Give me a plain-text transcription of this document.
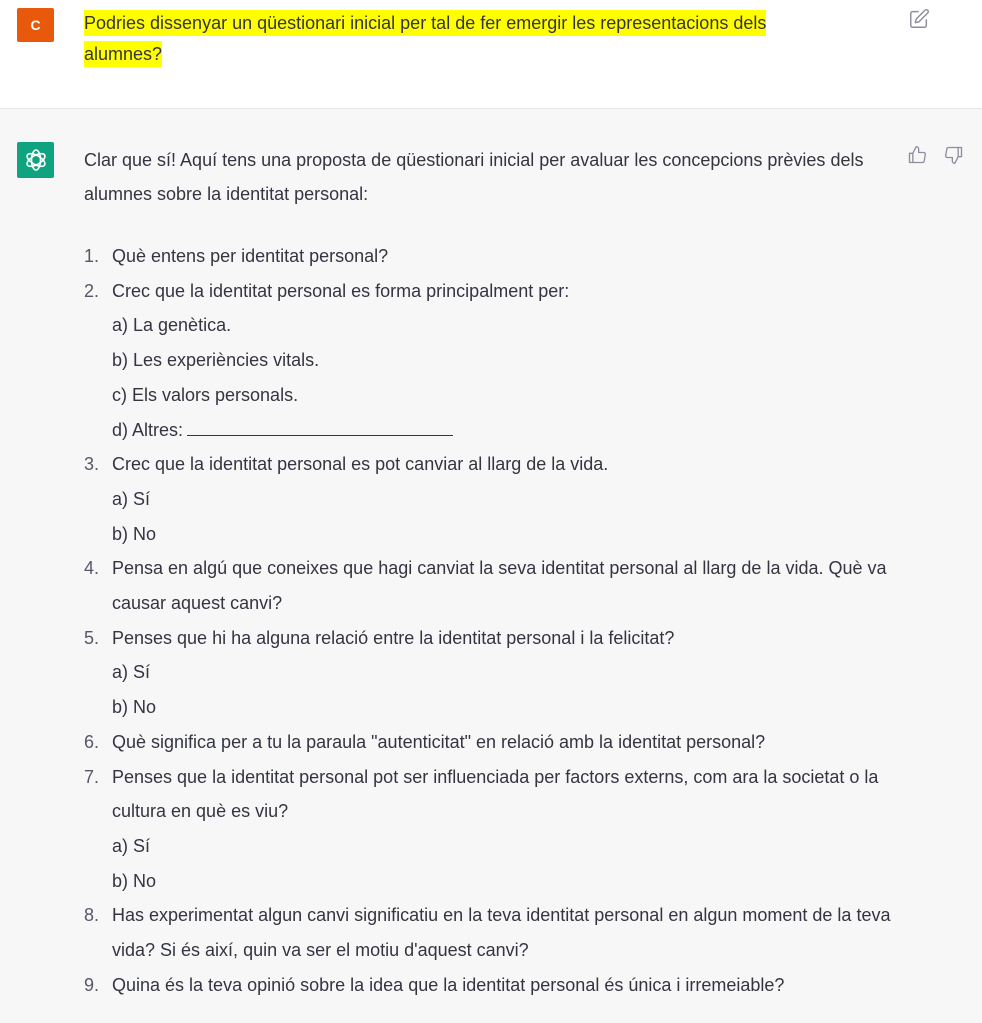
C	Podries dissenyar un qüestionari inicial per tal de fer emergir les representacions dels alumnes?

Clar que sí! Aquí tens una proposta de qüestionari inicial per avaluar les concepcions prèvies dels alumnes sobre la identitat personal:

1. Què entens per identitat personal?
2. Crec que la identitat personal es forma principalment per:
a) La genètica.
b) Les experiències vitals.
c) Els valors personals.
d) Altres:
3. Crec que la identitat personal es pot canviar al llarg de la vida.
a) Sí
b) No
4. Pensa en algú que coneixes que hagi canviat la seva identitat personal al llarg de la vida. Què va causar aquest canvi?
5. Penses que hi ha alguna relació entre la identitat personal i la felicitat?
a) Sí
b) No
6. Què significa per a tu la paraula "autenticitat" en relació amb la identitat personal?
7. Penses que la identitat personal pot ser influenciada per factors externs, com ara la societat o la cultura en què es viu?
a) Sí
b) No
8. Has experimentat algun canvi significatiu en la teva identitat personal en algun moment de la teva vida? Si és així, quin va ser el motiu d'aquest canvi?
9. Quina és la teva opinió sobre la idea que la identitat personal és única i irremeiable?
